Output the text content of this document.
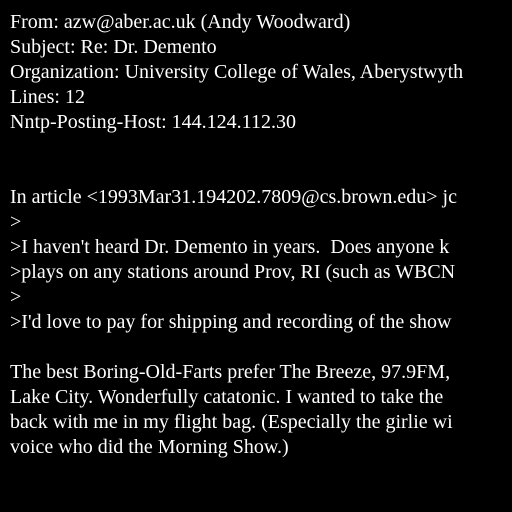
From: azw@aber.ac.uk (Andy Woodward)
Subject: Re: Dr. Demento
Organization: University College of Wales, Aberystwyth
Lines: 12
Nntp-Posting-Host: 144.124.112.30
In article <1993Mar31.194202.7809@cs.brown.edu> jc
>
>I haven't heard Dr. Demento in years.  Does anyone k
>plays on any stations around Prov, RI (such as WBCN
>
>I'd love to pay for shipping and recording of the show
The best Boring-Old-Farts prefer The Breeze, 97.9FM,
Lake City. Wonderfully catatonic. I wanted to take the
back with me in my flight bag. (Especially the girlie wi
voice who did the Morning Show.)
